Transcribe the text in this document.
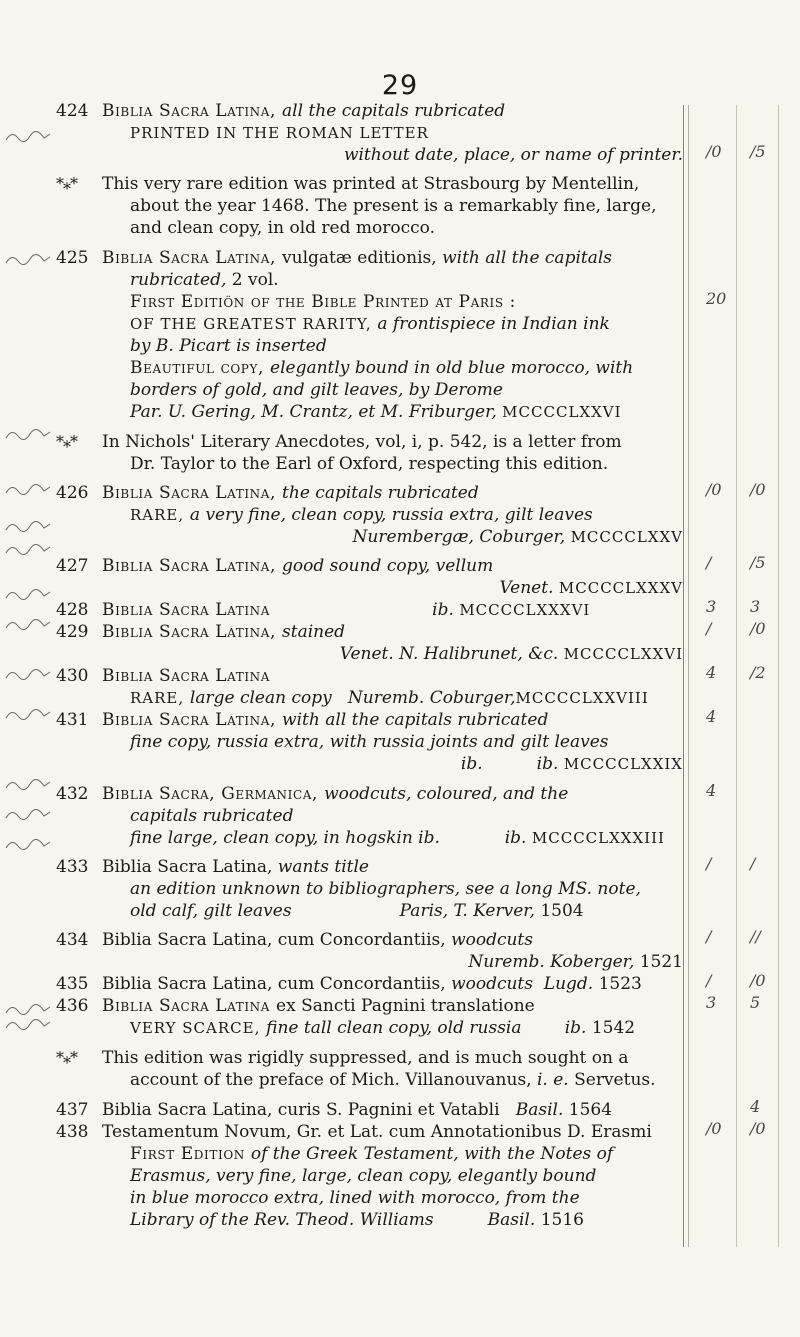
29
424 Biblia Sacra Latina, all the capitals rubricated
PRINTED IN THE ROMAN LETTER
without date, place, or name of printer.
*⁎* This very rare edition was printed at Strasbourg by Mentellin,
about the year 1468. The present is a remarkably fine, large,
and clean copy, in old red morocco.
425 Biblia Sacra Latina, vulgatæ editionis, with all the capitals
rubricated, 2 vol.
First Editiön of the Bible Printed at Paris :
OF THE GREATEST RARITY, a frontispiece in Indian ink
by B. Picart is inserted
Beautiful copy, elegantly bound in old blue morocco, with
borders of gold, and gilt leaves, by Derome
Par. U. Gering, M. Crantz, et M. Friburger, MCCCCLXXVI
*⁎* In Nichols' Literary Anecdotes, vol, i, p. 542, is a letter from
Dr. Taylor to the Earl of Oxford, respecting this edition.
426 Biblia Sacra Latina, the capitals rubricated
RARE, a very fine, clean copy, russia extra, gilt leaves
Nurembergæ, Coburger, MCCCCLXXV
427 Biblia Sacra Latina, good sound copy, vellum
Venet. MCCCCLXXXV
428 Biblia Sacra Latina	ib. MCCCCLXXXVI
429 Biblia Sacra Latina, stained
Venet. N. Halibrunet, &c. MCCCCLXXVI
430 Biblia Sacra Latina
RARE, large clean copy   Nuremb. Coburger,MCCCCLXXVIII
431 Biblia Sacra Latina, with all the capitals rubricated
fine copy, russia extra, with russia joints and gilt leaves
ib.          ib. MCCCCLXXIX
432 Biblia Sacra, Germanica, woodcuts, coloured, and the
capitals rubricated
fine large, clean copy, in hogskin ib.            ib. MCCCCLXXXIII
433 Biblia Sacra Latina, wants title
an edition unknown to bibliographers, see a long MS. note,
old calf, gilt leaves                    Paris, T. Kerver, 1504
434 Biblia Sacra Latina, cum Concordantiis, woodcuts
Nuremb. Koberger, 1521
435 Biblia Sacra Latina, cum Concordantiis, woodcuts  Lugd. 1523
436 Biblia Sacra Latina ex Sancti Pagnini translatione
VERY SCARCE, fine tall clean copy, old russia        ib. 1542
*⁎* This edition was rigidly suppressed, and is much sought on a
account of the preface of Mich. Villanouvanus, i. e. Servetus.
437 Biblia Sacra Latina, curis S. Pagnini et Vatabli   Basil. 1564
438 Testamentum Novum, Gr. et Lat. cum Annotationibus D. Erasmi
First Edition of the Greek Testament, with the Notes of
Erasmus, very fine, large, clean copy, elegantly bound
in blue morocco extra, lined with morocco, from the
Library of the Rev. Theod. Williams          Basil. 1516
/0 /5
20
/0 /0
/ /5
3 3
/ /0
4 /2
4
4
/ /
/ //
/ /0
3 5
4
/0 /0
